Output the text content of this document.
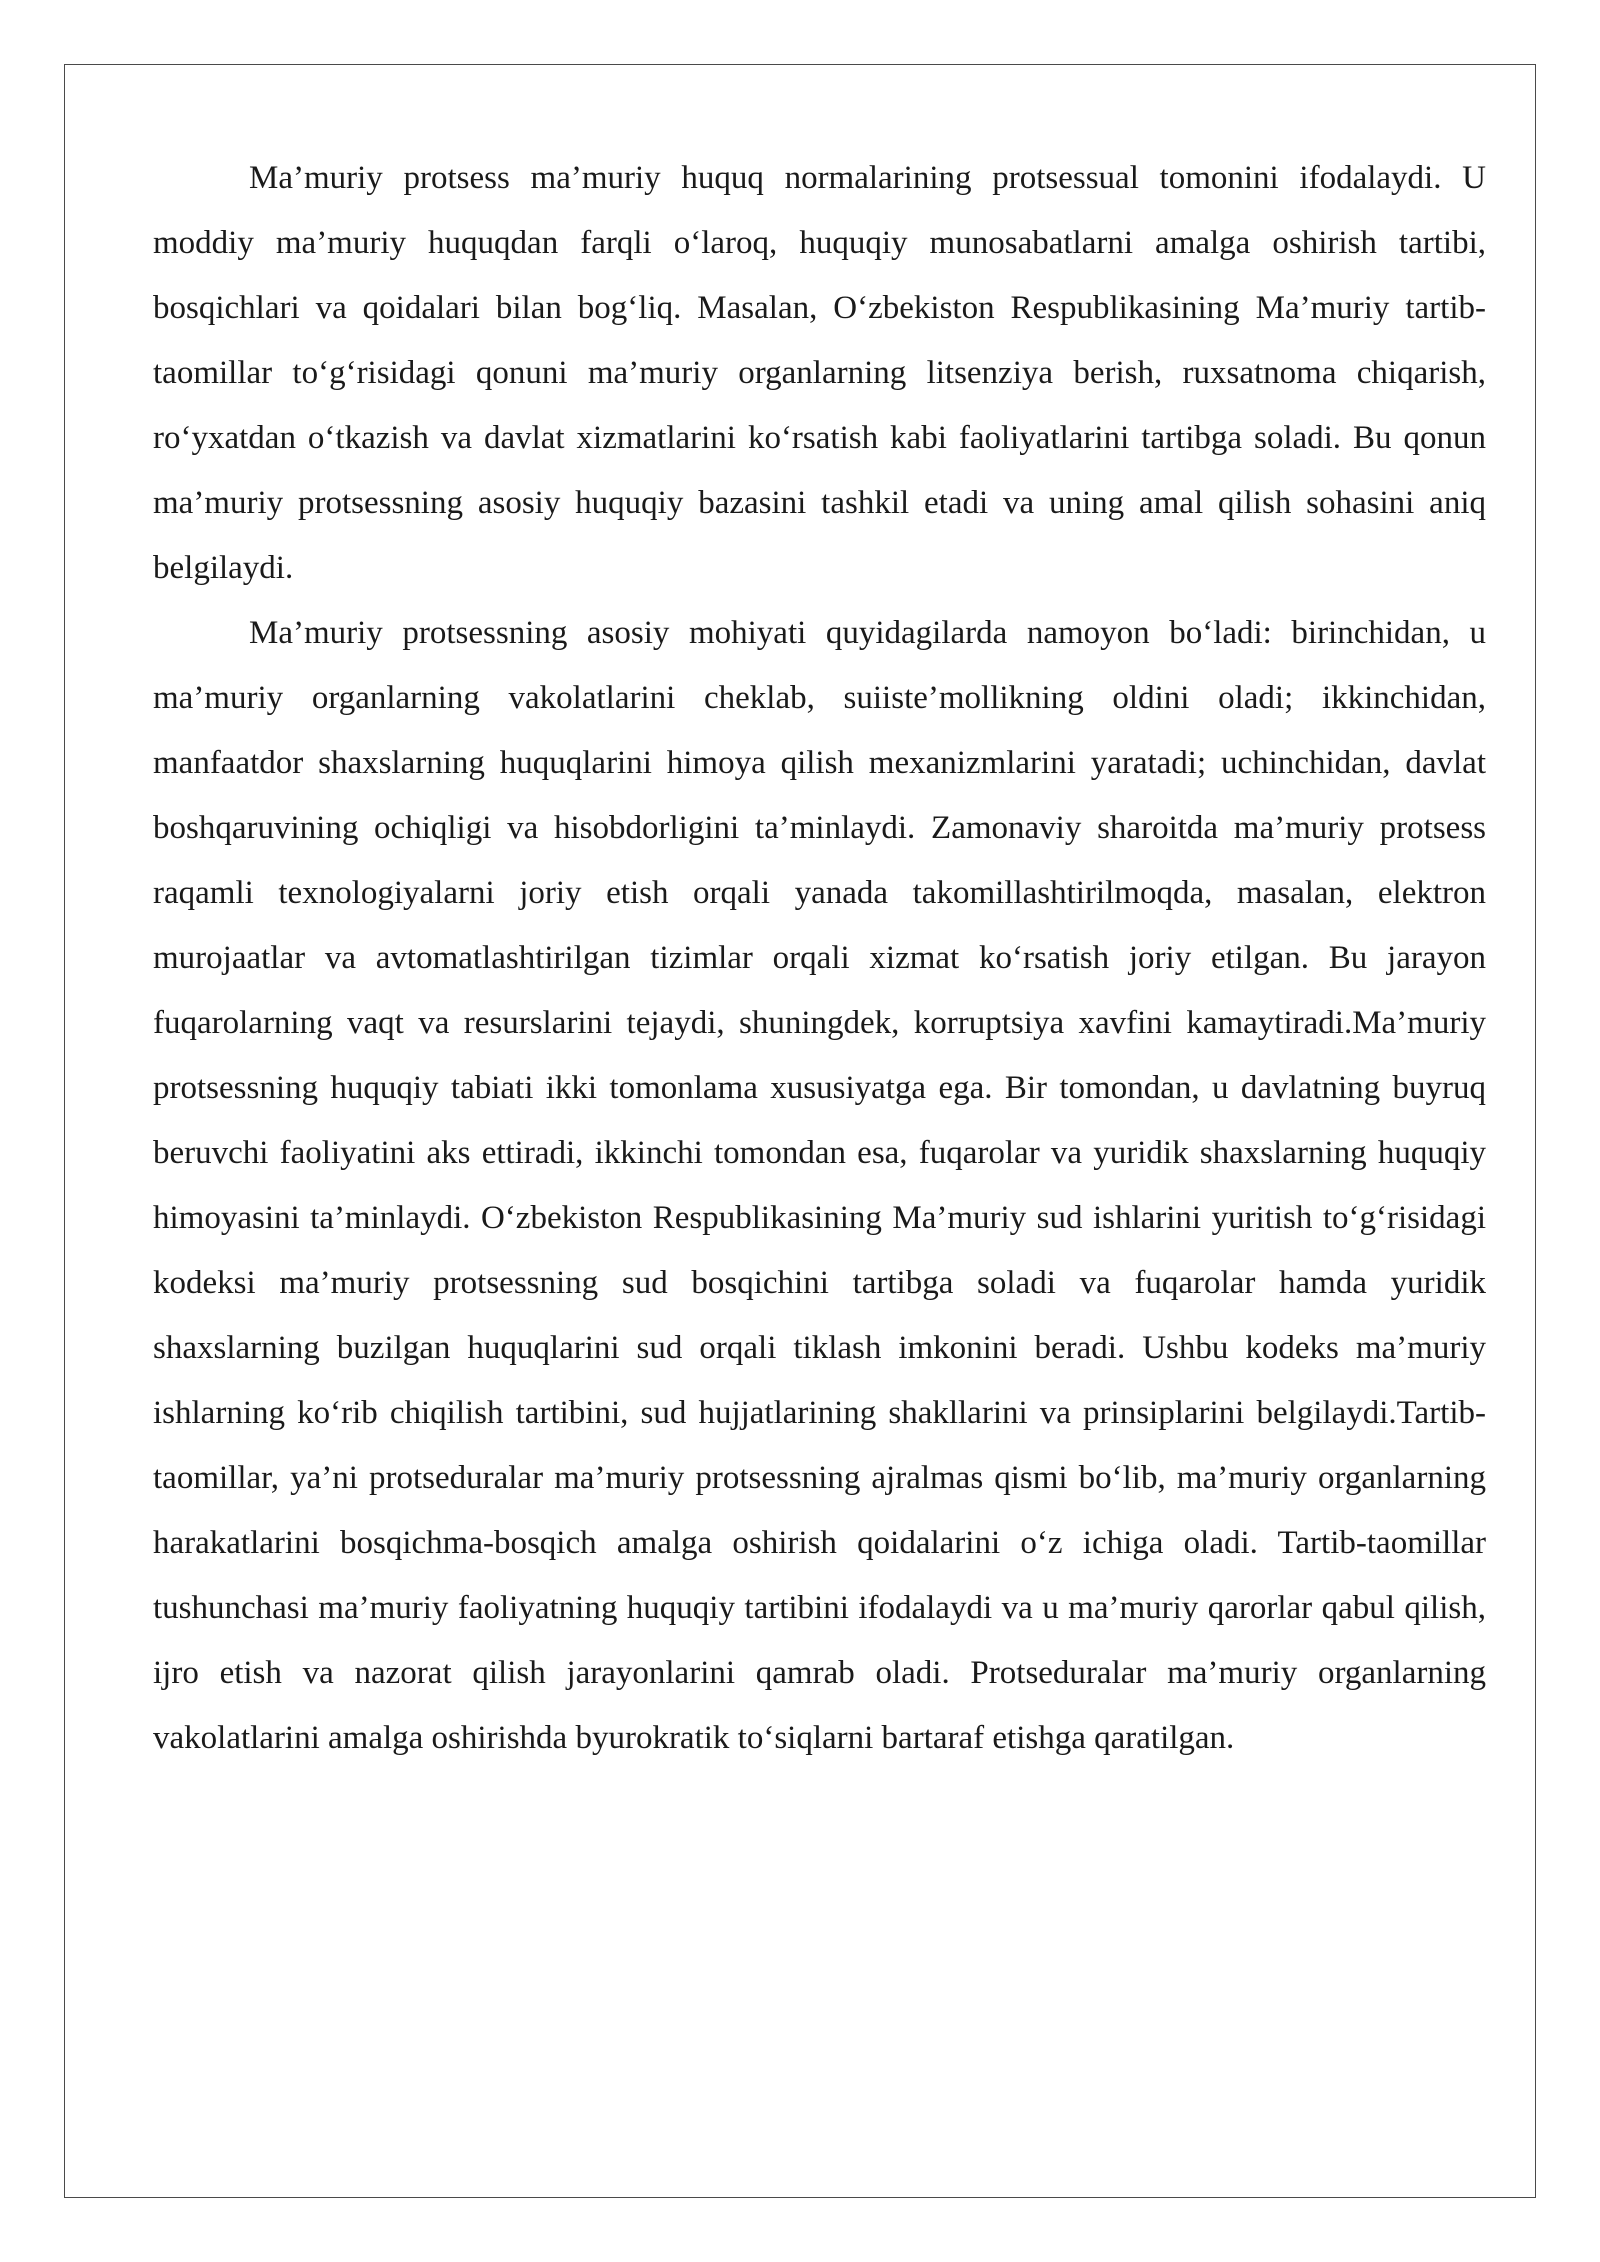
Ma’muriy protsess ma’muriy huquq normalarining protsessual tomonini ifodalaydi. U moddiy ma’muriy huquqdan farqli o‘laroq, huquqiy munosabatlarni amalga oshirish tartibi, bosqichlari va qoidalari bilan bog‘liq. Masalan, O‘zbekiston Respublikasining Ma’muriy tartib-taomillar to‘g‘risidagi qonuni ma’muriy organlarning litsenziya berish, ruxsatnoma chiqarish, ro‘yxatdan o‘tkazish va davlat xizmatlarini ko‘rsatish kabi faoliyatlarini tartibga soladi. Bu qonun ma’muriy protsessning asosiy huquqiy bazasini tashkil etadi va uning amal qilish sohasini aniq belgilaydi.

Ma’muriy protsessning asosiy mohiyati quyidagilarda namoyon bo‘ladi: birinchidan, u ma’muriy organlarning vakolatlarini cheklab, suiiste’mollikning oldini oladi; ikkinchidan, manfaatdor shaxslarning huquqlarini himoya qilish mexanizmlarini yaratadi; uchinchidan, davlat boshqaruvining ochiqligi va hisobdorligini ta’minlaydi. Zamonaviy sharoitda ma’muriy protsess raqamli texnologiyalarni joriy etish orqali yanada takomillashtirilmoqda, masalan, elektron murojaatlar va avtomatlashtirilgan tizimlar orqali xizmat ko‘rsatish joriy etilgan. Bu jarayon fuqarolarning vaqt va resurslarini tejaydi, shuningdek, korruptsiya xavfini kamaytiradi.Ma’muriy protsessning huquqiy tabiati ikki tomonlama xususiyatga ega. Bir tomondan, u davlatning buyruq beruvchi faoliyatini aks ettiradi, ikkinchi tomondan esa, fuqarolar va yuridik shaxslarning huquqiy himoyasini ta’minlaydi. O‘zbekiston Respublikasining Ma’muriy sud ishlarini yuritish to‘g‘risidagi kodeksi ma’muriy protsessning sud bosqichini tartibga soladi va fuqarolar hamda yuridik shaxslarning buzilgan huquqlarini sud orqali tiklash imkonini beradi. Ushbu kodeks ma’muriy ishlarning ko‘rib chiqilish tartibini, sud hujjatlarining shakllarini va prinsiplarini belgilaydi.Tartib-taomillar, ya’ni protseduralar ma’muriy protsessning ajralmas qismi bo‘lib, ma’muriy organlarning harakatlarini bosqichma-bosqich amalga oshirish qoidalarini o‘z ichiga oladi. Tartib-taomillar tushunchasi ma’muriy faoliyatning huquqiy tartibini ifodalaydi va u ma’muriy qarorlar qabul qilish, ijro etish va nazorat qilish jarayonlarini qamrab oladi. Protseduralar ma’muriy organlarning vakolatlarini amalga oshirishda byurokratik to‘siqlarni bartaraf etishga qaratilgan.
